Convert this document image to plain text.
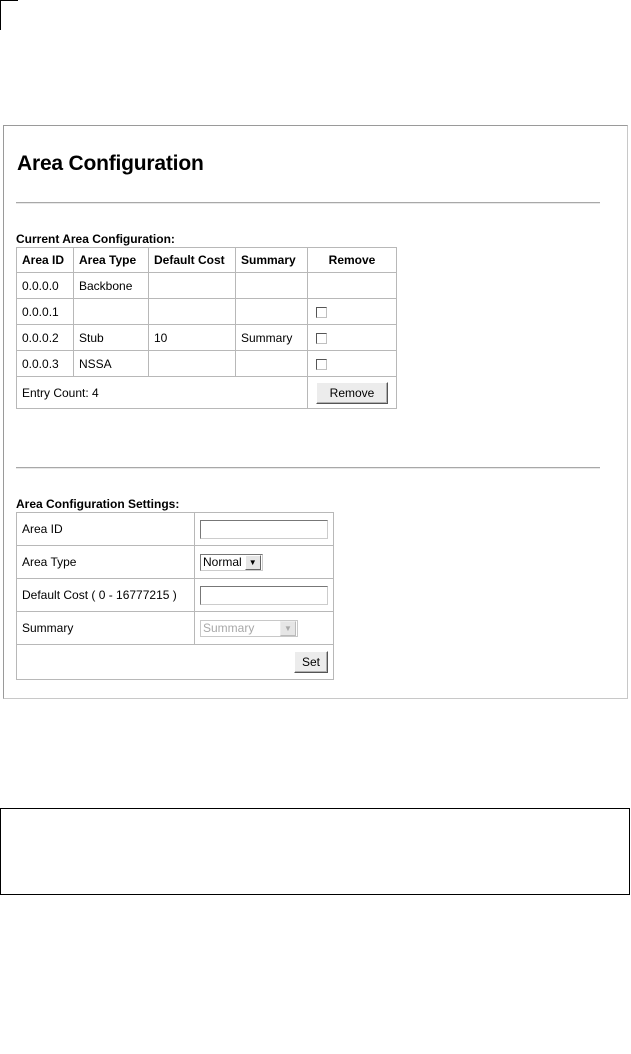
Area Configuration
Current Area Configuration:
Area ID	Area Type	Default Cost	Summary	Remove
0.0.0.0	Backbone			
0.0.0.1				
0.0.0.2	Stub	10	Summary	
0.0.0.3	NSSA			
Entry Count: 4				Remove
Area Configuration Settings:
Area ID	
Area Type	Normal ▼

Default Cost ( 0 - 16777215 )	
Summary	Summary ▼

Set	
